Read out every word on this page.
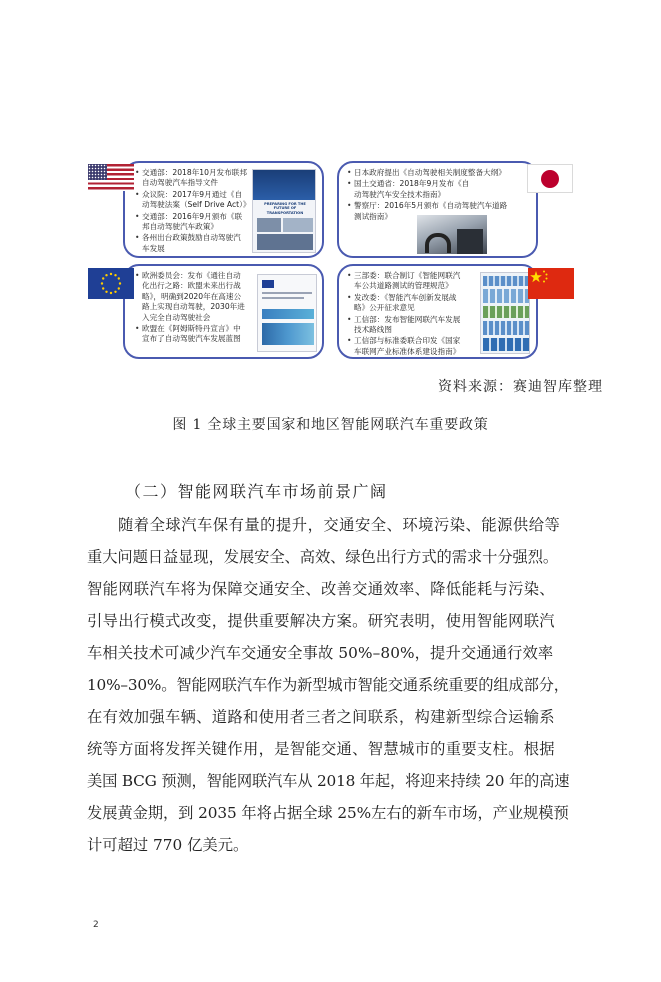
• 交通部：2018年10月发布联邦自动驾驶汽车指导文件
• 众议院：2017年9月通过《自动驾驶法案（Self Drive Act）》
• 交通部：2016年9月颁布《联邦自动驾驶汽车政策》
• 各州出台政策鼓励自动驾驶汽车发展
PREPARING FOR THE FUTURE OF TRANSPORTATION
• 日本政府提出《自动驾驶相关制度整备大纲》
• 国土交通省：2018年9月发布《自动驾驶汽车安全技术指南》
• 警察厅：2016年5月颁布《自动驾驶汽车道路测试指南》
• 欧洲委员会：发布《通往自动化出行之路：欧盟未来出行战略》，明确到2020年在高速公路上实现自动驾驶，2030年进入完全自动驾驶社会
• 欧盟在《阿姆斯特丹宣言》中宣布了自动驾驶汽车发展蓝图
• 三部委：联合制订《智能网联汽车公共道路测试的管理规范》
• 发改委：《智能汽车创新发展战略》公开征求意见
• 工信部：发布智能网联汽车发展技术路线图
• 工信部与标准委联合印发《国家车联网产业标准体系建设指南》
资料来源：赛迪智库整理
图 1 全球主要国家和地区智能网联汽车重要政策
（二）智能网联汽车市场前景广阔
随着全球汽车保有量的提升，交通安全、环境污染、能源供给等
重大问题日益显现，发展安全、高效、绿色出行方式的需求十分强烈。
智能网联汽车将为保障交通安全、改善交通效率、降低能耗与污染、
引导出行模式改变，提供重要解决方案。研究表明，使用智能网联汽
车相关技术可减少汽车交通安全事故 50%–80%，提升交通通行效率
10%–30%。智能网联汽车作为新型城市智能交通系统重要的组成部分，
在有效加强车辆、道路和使用者三者之间联系，构建新型综合运输系
统等方面将发挥关键作用，是智能交通、智慧城市的重要支柱。根据
美国 BCG 预测，智能网联汽车从 2018 年起，将迎来持续 20 年的高速
发展黄金期，到 2035 年将占据全球 25%左右的新车市场，产业规模预
计可超过 770 亿美元。
2
